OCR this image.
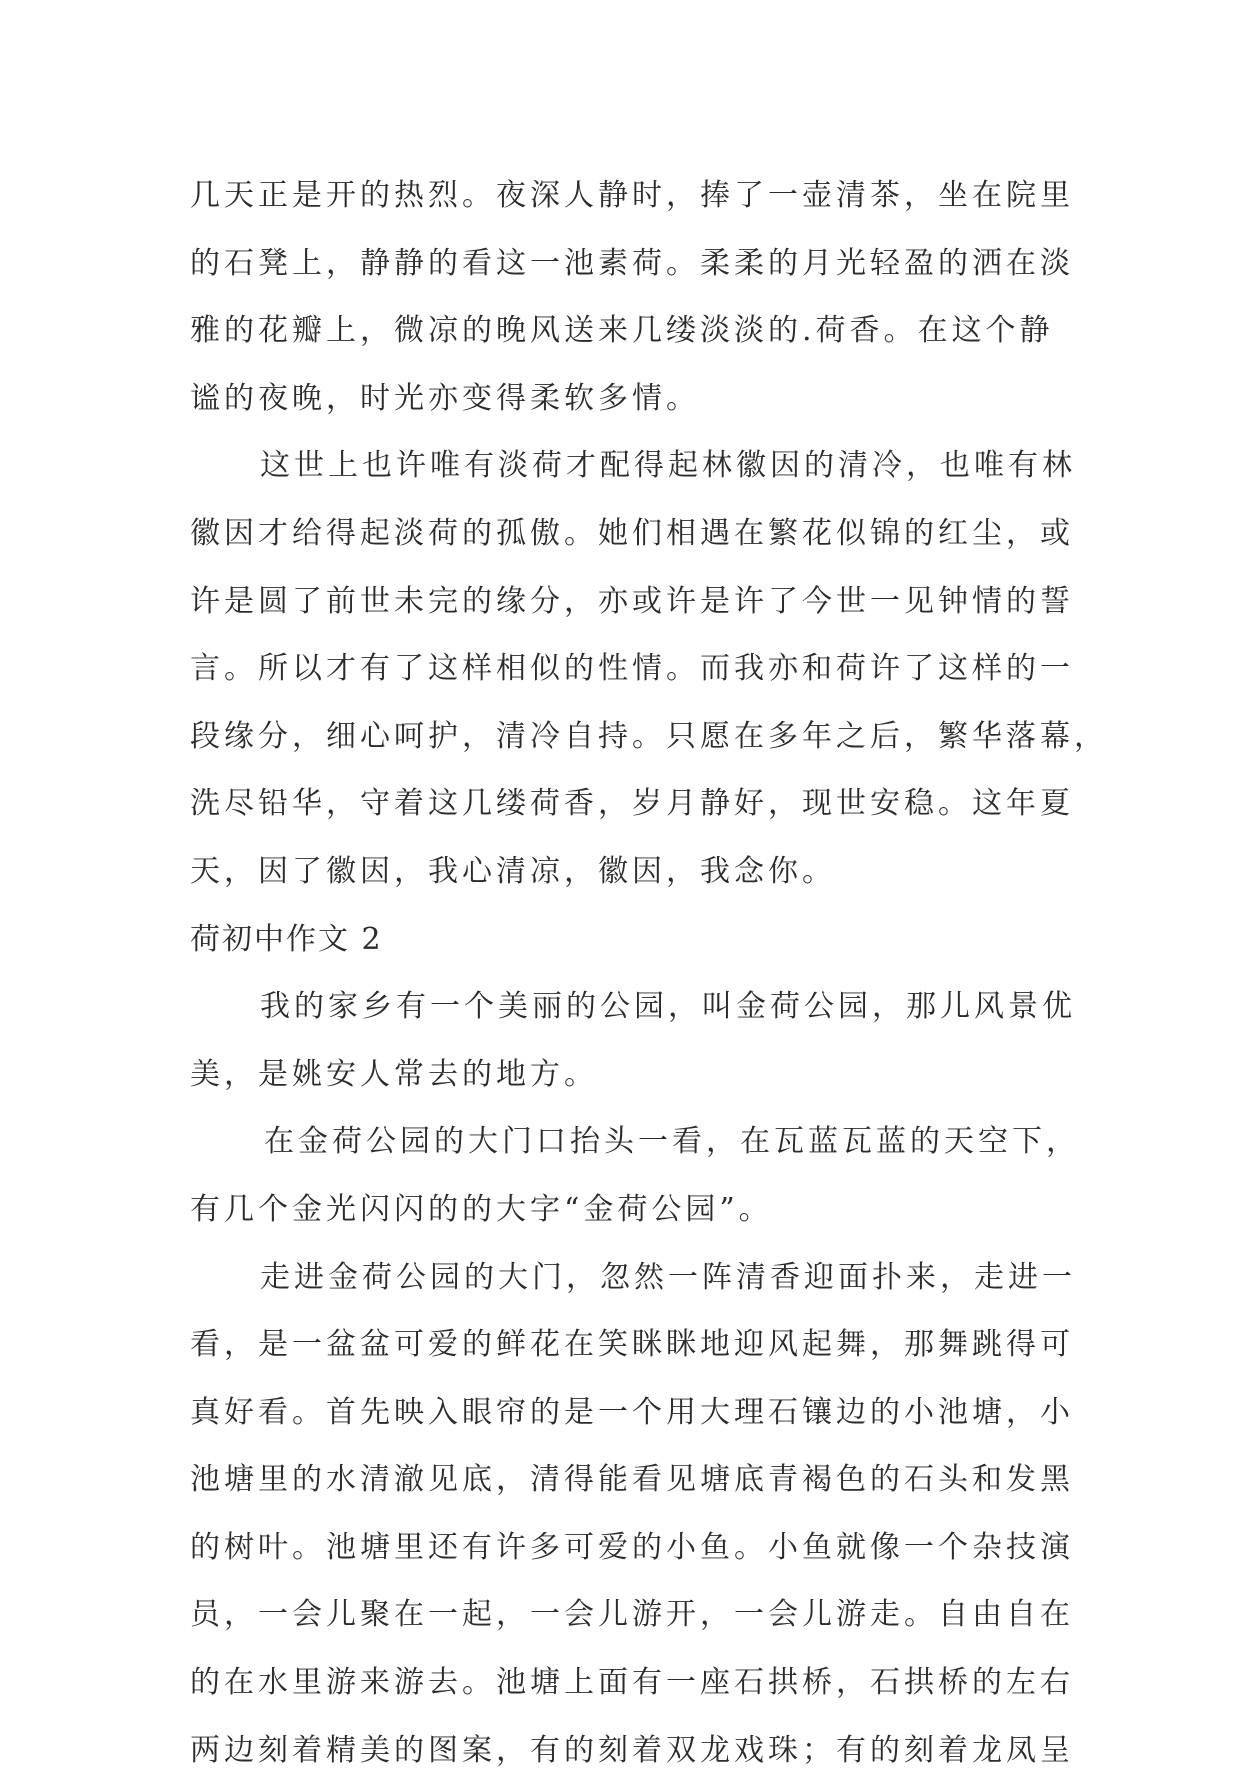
几天正是开的热烈。夜深人静时，捧了一壶清茶，坐在院里
的石凳上，静静的看这一池素荷。柔柔的月光轻盈的洒在淡
雅的花瓣上，微凉的晚风送来几缕淡淡的.荷香。在这个静
谧的夜晚，时光亦变得柔软多情。
这世上也许唯有淡荷才配得起林徽因的清冷，也唯有林
徽因才给得起淡荷的孤傲。她们相遇在繁花似锦的红尘，或
许是圆了前世未完的缘分，亦或许是许了今世一见钟情的誓
言。所以才有了这样相似的性情。而我亦和荷许了这样的一
段缘分，细心呵护，清冷自持。只愿在多年之后，繁华落幕，
洗尽铅华，守着这几缕荷香，岁月静好，现世安稳。这年夏
天，因了徽因，我心清凉，徽因，我念你。
荷初中作文 2
我的家乡有一个美丽的公园，叫金荷公园，那儿风景优
美，是姚安人常去的地方。
在金荷公园的大门口抬头一看，在瓦蓝瓦蓝的天空下，
有几个金光闪闪的的大字“金荷公园”。
走进金荷公园的大门，忽然一阵清香迎面扑来，走进一
看，是一盆盆可爱的鲜花在笑眯眯地迎风起舞，那舞跳得可
真好看。首先映入眼帘的是一个用大理石镶边的小池塘，小
池塘里的水清澈见底，清得能看见塘底青褐色的石头和发黑
的树叶。池塘里还有许多可爱的小鱼。小鱼就像一个杂技演
员，一会儿聚在一起，一会儿游开，一会儿游走。自由自在
的在水里游来游去。池塘上面有一座石拱桥，石拱桥的左右
两边刻着精美的图案，有的刻着双龙戏珠；有的刻着龙凤呈
